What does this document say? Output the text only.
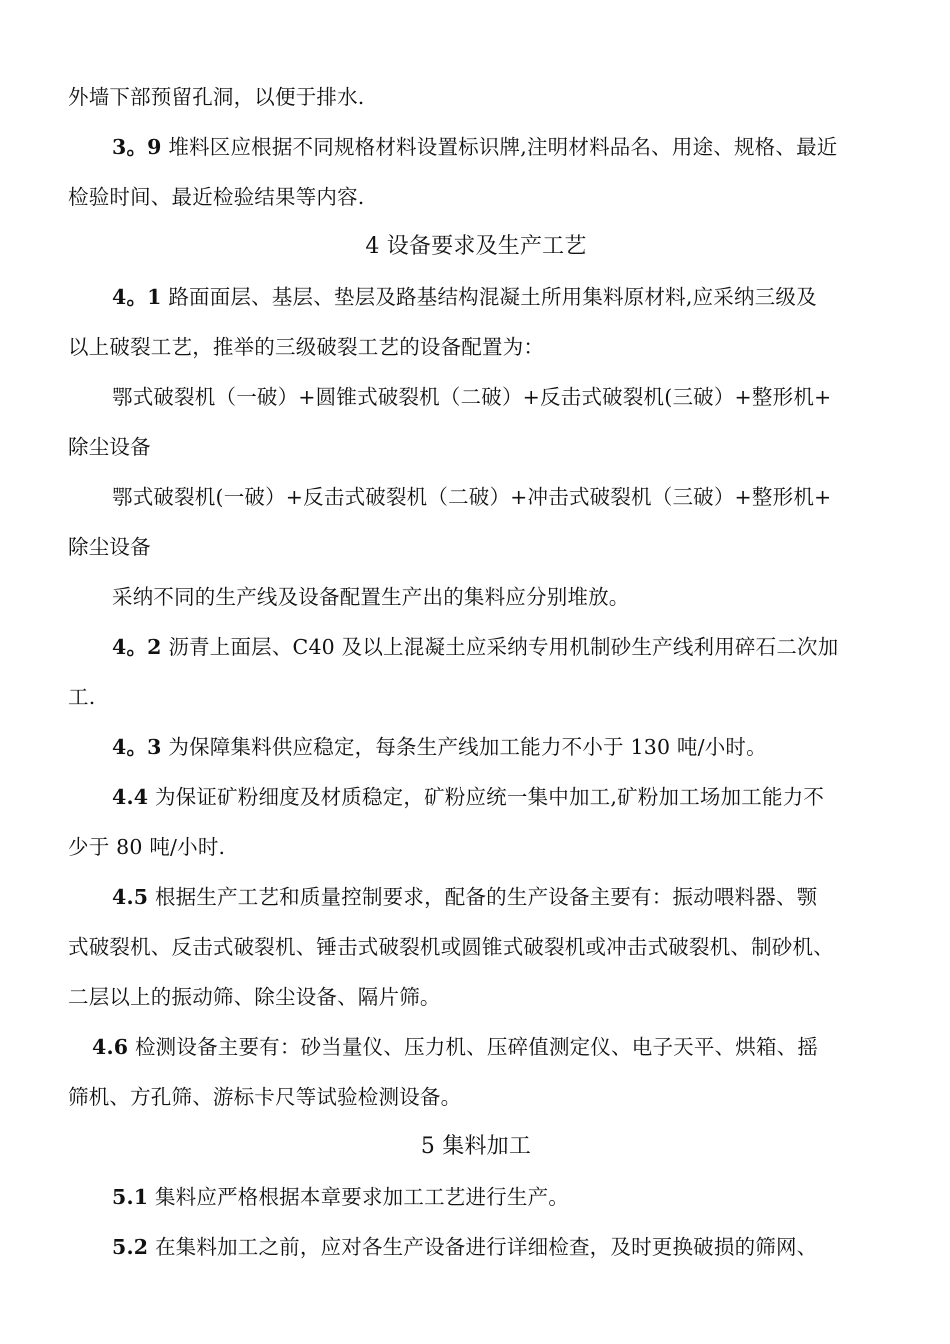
外墙下部预留孔洞，以便于排水.
3。9 堆料区应根据不同规格材料设置标识牌,注明材料品名、用途、规格、最近
检验时间、最近检验结果等内容.
4 设备要求及生产工艺
4。1 路面面层、基层、垫层及路基结构混凝土所用集料原材料,应采纳三级及
以上破裂工艺，推举的三级破裂工艺的设备配置为：
鄂式破裂机（一破）+圆锥式破裂机（二破）+反击式破裂机(三破）+整形机+
除尘设备
鄂式破裂机(一破）+反击式破裂机（二破）+冲击式破裂机（三破）+整形机+
除尘设备
采纳不同的生产线及设备配置生产出的集料应分别堆放。
4。2 沥青上面层、C40 及以上混凝土应采纳专用机制砂生产线利用碎石二次加
工.
4。3 为保障集料供应稳定，每条生产线加工能力不小于 130 吨/小时。
4.4 为保证矿粉细度及材质稳定，矿粉应统一集中加工,矿粉加工场加工能力不
少于 80 吨/小时.
4.5 根据生产工艺和质量控制要求，配备的生产设备主要有：振动喂料器、颚
式破裂机、反击式破裂机、锤击式破裂机或圆锥式破裂机或冲击式破裂机、制砂机、
二层以上的振动筛、除尘设备、隔片筛。
4.6 检测设备主要有：砂当量仪、压力机、压碎值测定仪、电子天平、烘箱、摇
筛机、方孔筛、游标卡尺等试验检测设备。
5 集料加工
5.1 集料应严格根据本章要求加工工艺进行生产。
5.2 在集料加工之前，应对各生产设备进行详细检查，及时更换破损的筛网、
